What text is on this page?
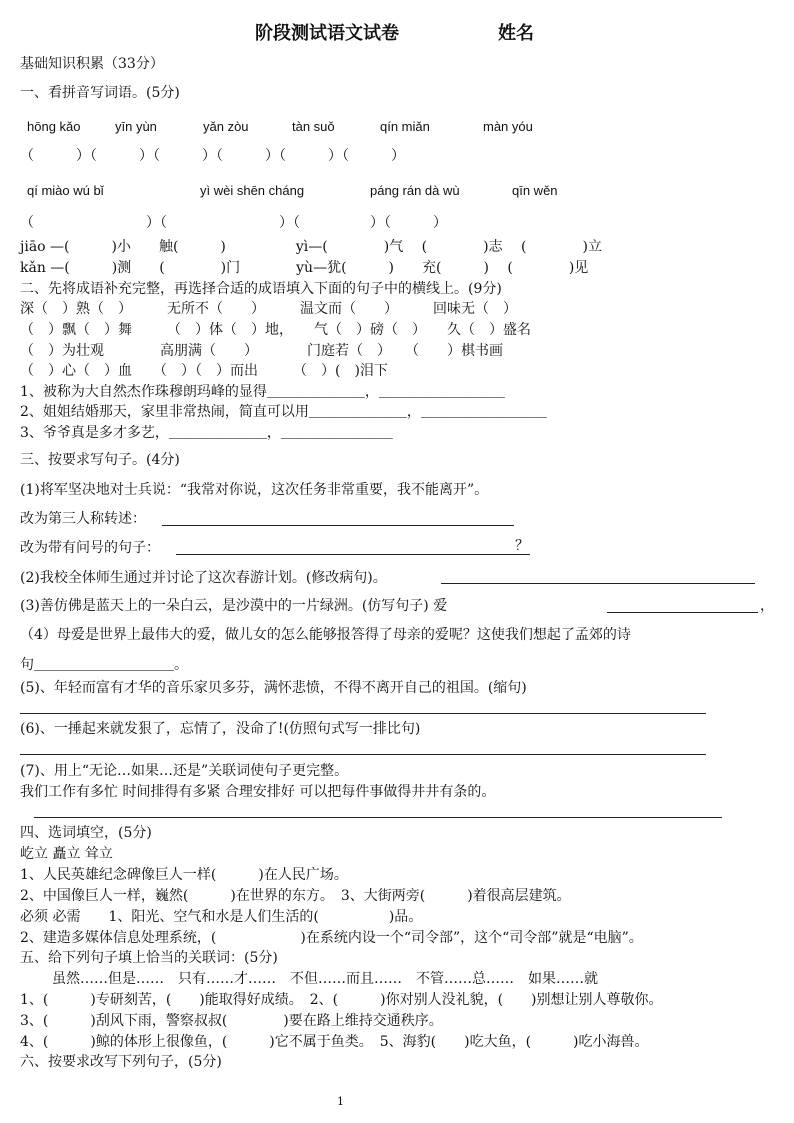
阶段测试语文试卷	姓名
基础知识积累（33分）
一、看拼音写词语。(5分)
hōng kǎo	yīn yùn	yǎn zòu	tàn suǒ	qín miǎn	màn yóu
（　　　）（　　　）（　　　）（　　　）（　　　）（　　　）
qí miào wú bǐ	yì wèi shēn cháng	páng rán dà wù	qīn wěn
（　　　　　　　　）（　　　　　　　　）（　　　　　）（　　　）
jiāo —(　　　)小　　触(　　　)　　　　　yì—(　　　　)气　 (　　　　)志　 (　　　　)立
kǎn —(　　　)测　　(　　　　)门　　　　yù—犹(　　　)　　充(　　　)　 (　　　　)见
二、先将成语补充完整，再选择合适的成语填入下面的句子中的横线上。(9分)
深（　）熟（　）　　　无所不（　　）　　　温文而（　　）　　　回味无（　）
（　）飘（　）舞　　　（　）体（　）地，　　气（　）磅（　）　　久（　）盛名
（　）为壮观　　　　高朋满（　　）　　　　门庭若（　）　　（　　）棋书画
（　）心（　）血　　（　）（　）而出　　　（　）(　)泪下
1、被称为大自然杰作珠穆朗玛峰的显得＿＿＿＿＿＿＿，＿＿＿＿＿＿＿＿＿
2、姐姐结婚那天，家里非常热闹，简直可以用＿＿＿＿＿＿＿，＿＿＿＿＿＿＿＿＿
3、爷爷真是多才多艺，＿＿＿＿＿＿＿，＿＿＿＿＿＿＿＿
三、按要求写句子。(4分)
(1)将军坚决地对士兵说：“我常对你说，这次任务非常重要，我不能离开”。
改为第三人称转述：
改为带有问号的句子：	？
(2)我校全体师生通过并讨论了这次春游计划。(修改病句)。
(3)善仿佛是蓝天上的一朵白云，是沙漠中的一片绿洲。(仿写句子) 爱	，
（4）母爱是世界上最伟大的爱，做儿女的怎么能够报答得了母亲的爱呢？这使我们想起了孟郊的诗
句＿＿＿＿＿＿＿＿＿＿。
(5)、年轻而富有才华的音乐家贝多芬，满怀悲愤，不得不离开自己的祖国。(缩句)
(6)、一捶起来就发狠了，忘情了，没命了!(仿照句式写一排比句)
(7)、用上“无论…如果…还是”关联词使句子更完整。
我们工作有多忙 时间排得有多紧 合理安排好 可以把每件事做得井井有条的。
四、选词填空，(5分)
屹立 矗立 耸立
1、人民英雄纪念碑像巨人一样(　　　)在人民广场。
2、中国像巨人一样，巍然(　　　)在世界的东方。　3、大街两旁(　　　)着很高层建筑。
必须 必需　　1、阳光、空气和水是人们生活的(　　　　　)品。
2、建造多媒体信息处理系统，(　　　　　　)在系统内设一个“司令部”，这个“司令部”就是“电脑”。
五、给下列句子填上恰当的关联词：(5分)
虽然……但是……　只有……才……　不但……而且……　不管……总……　如果……就
1、(　　　)专研刻苦，(　　)能取得好成绩。　2、(　　　)你对别人没礼貌，(　　)别想让别人尊敬你。
3、(　　　)刮风下雨，警察叔叔(　　　　)要在路上维持交通秩序。
4、(　　　)鲸的体形上很像鱼，(　　　)它不属于鱼类。　5、海豹(　　)吃大鱼，(　　　)吃小海兽。
六、按要求改写下列句子，(5分)
1
